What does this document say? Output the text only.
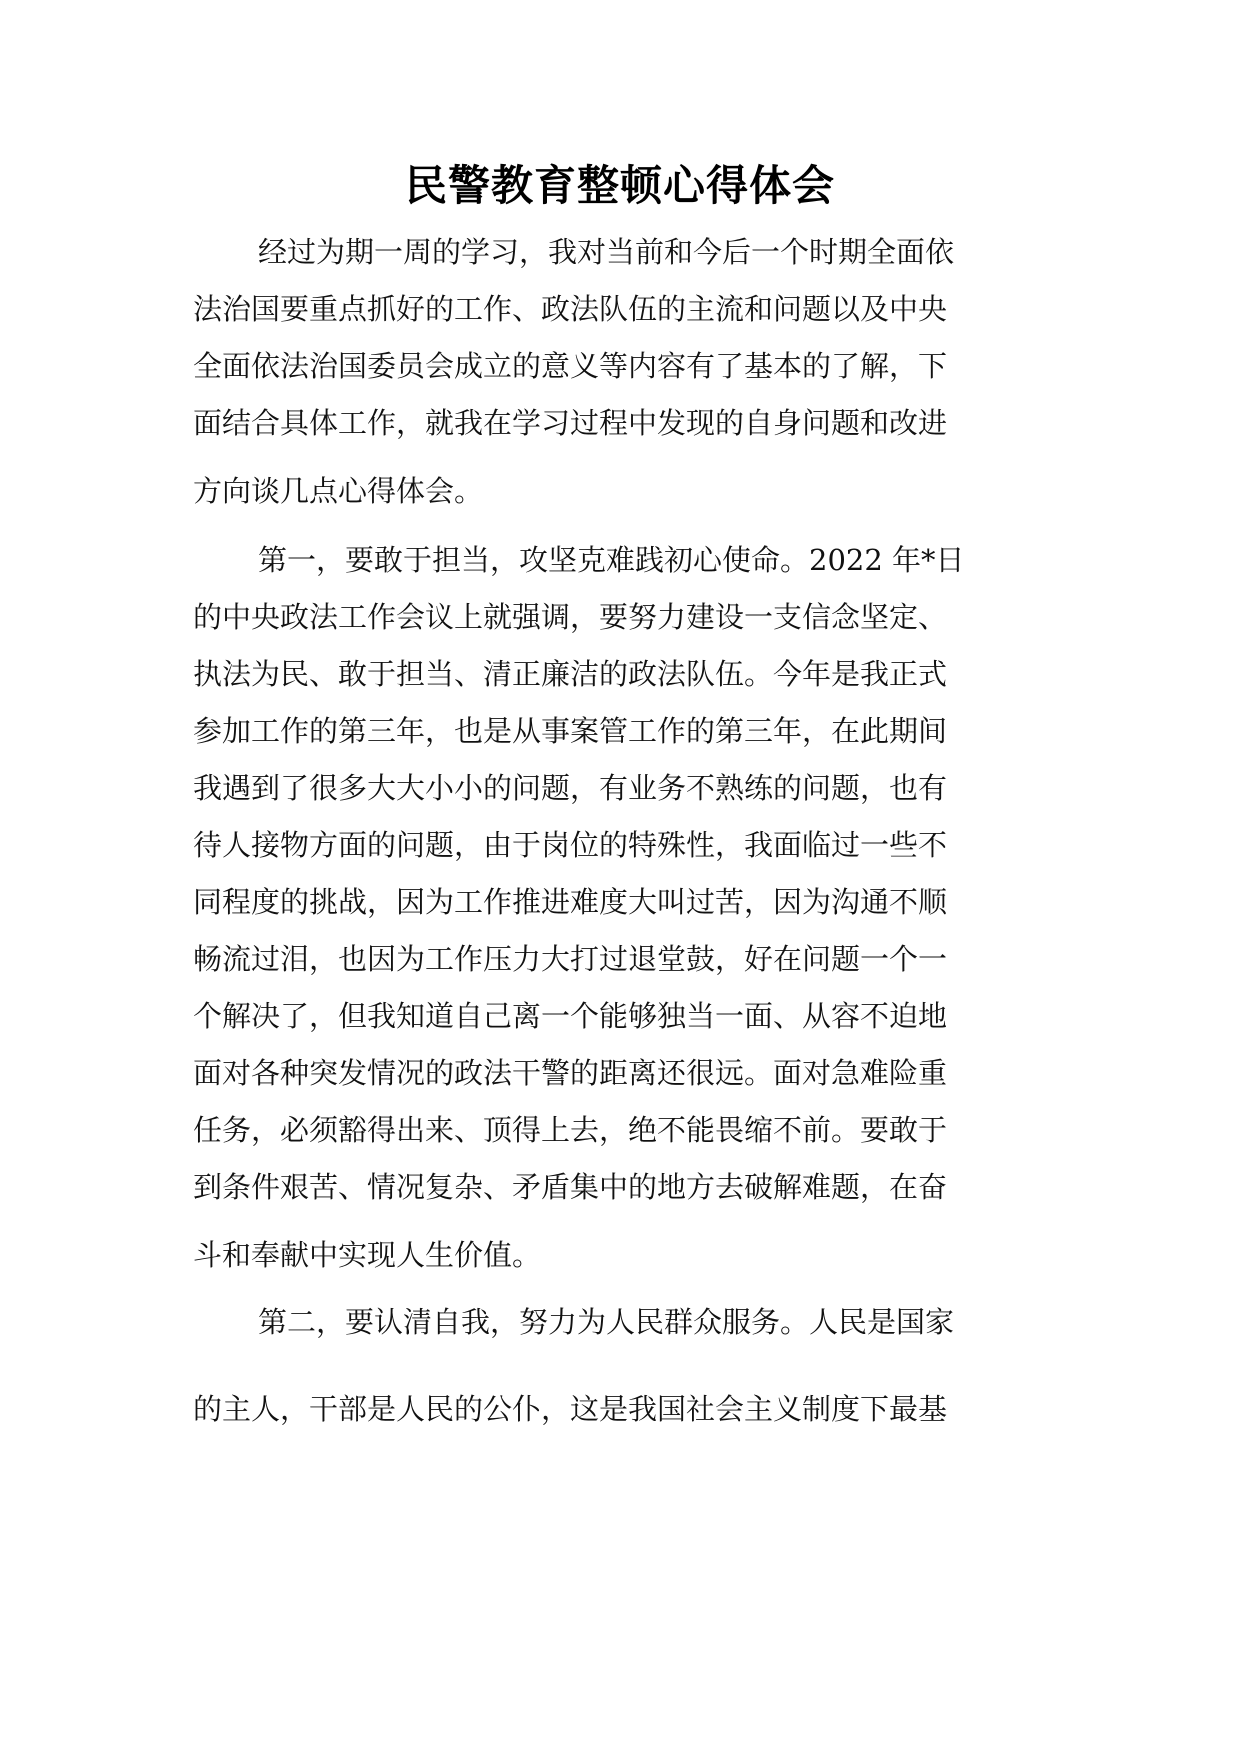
民警教育整顿心得体会
经过为期一周的学习，我对当前和今后一个时期全面依
法治国要重点抓好的工作、政法队伍的主流和问题以及中央
全面依法治国委员会成立的意义等内容有了基本的了解，下
面结合具体工作，就我在学习过程中发现的自身问题和改进
方向谈几点心得体会。
第一，要敢于担当，攻坚克难践初心使命。2022 年*日
的中央政法工作会议上就强调，要努力建设一支信念坚定、
执法为民、敢于担当、清正廉洁的政法队伍。今年是我正式
参加工作的第三年，也是从事案管工作的第三年，在此期间
我遇到了很多大大小小的问题，有业务不熟练的问题，也有
待人接物方面的问题，由于岗位的特殊性，我面临过一些不
同程度的挑战，因为工作推进难度大叫过苦，因为沟通不顺
畅流过泪，也因为工作压力大打过退堂鼓，好在问题一个一
个解决了，但我知道自己离一个能够独当一面、从容不迫地
面对各种突发情况的政法干警的距离还很远。面对急难险重
任务，必须豁得出来、顶得上去，绝不能畏缩不前。要敢于
到条件艰苦、情况复杂、矛盾集中的地方去破解难题，在奋
斗和奉献中实现人生价值。
第二，要认清自我，努力为人民群众服务。人民是国家
的主人，干部是人民的公仆，这是我国社会主义制度下最基
